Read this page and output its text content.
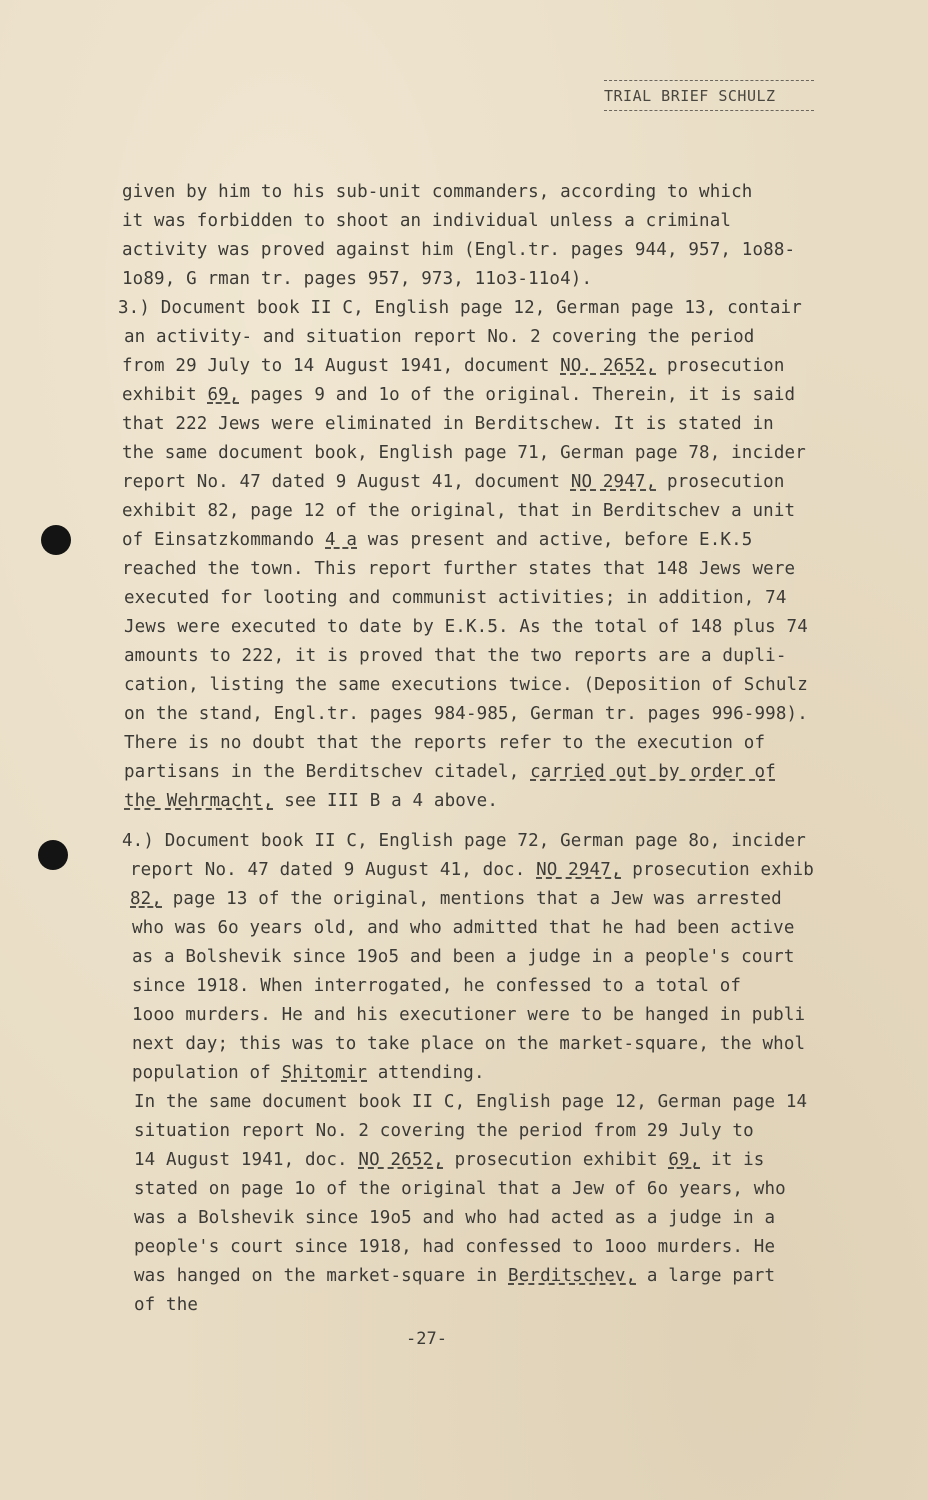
TRIAL BRIEF SCHULZ
given by him to his sub-unit commanders, according to which
it was forbidden to shoot an individual unless a criminal
activity was proved against him (Engl.tr. pages 944, 957, 1o88-
1o89, G rman tr. pages 957, 973, 11o3-11o4).
3.) Document book II C, English page 12, German page 13, contair
an activity- and situation report No. 2 covering the period
from 29 July to 14 August 1941, document NO. 2652, prosecution
exhibit 69, pages 9 and 1o of the original. Therein, it is said
that 222 Jews were eliminated in Berditschew. It is stated in
the same document book, English page 71, German page 78, incider
report No. 47 dated 9 August 41, document NO 2947, prosecution
exhibit 82, page 12 of the original, that in Berditschev a unit
of Einsatzkommando 4 a was present and active, before E.K.5
reached the town. This report further states that 148 Jews were
executed for looting and communist activities; in addition, 74
Jews were executed to date by E.K.5. As the total of 148 plus 74
amounts to 222, it is proved that the two reports are a dupli-
cation, listing the same executions twice. (Deposition of Schulz
on the stand, Engl.tr. pages 984-985, German tr. pages 996-998).
There is no doubt that the reports refer to the execution of
partisans in the Berditschev citadel, carried out by order of
the Wehrmacht, see III B a 4 above.
4.) Document book II C, English page 72, German page 8o, incider
report No. 47 dated 9 August 41, doc. NO 2947, prosecution exhib
82, page 13 of the original, mentions that a Jew was arrested
who was 6o years old, and who admitted that he had been active
as a Bolshevik since 19o5 and been a judge in a people's court
since 1918. When interrogated, he confessed to a total of
1ooo murders. He and his executioner were to be hanged in publi
next day; this was to take place on the market-square, the whol
population of Shitomir attending.
In the same document book II C, English page 12, German page 14
situation report No. 2 covering the period from 29 July to
14 August 1941, doc. NO 2652, prosecution exhibit 69, it is
stated on page 1o of the original that a Jew of 6o years, who
was a Bolshevik since 19o5 and who had acted as a judge in a
people's court since 1918, had confessed to 1ooo murders. He
was hanged on the market-square in Berditschev, a large part
of the
-27-
